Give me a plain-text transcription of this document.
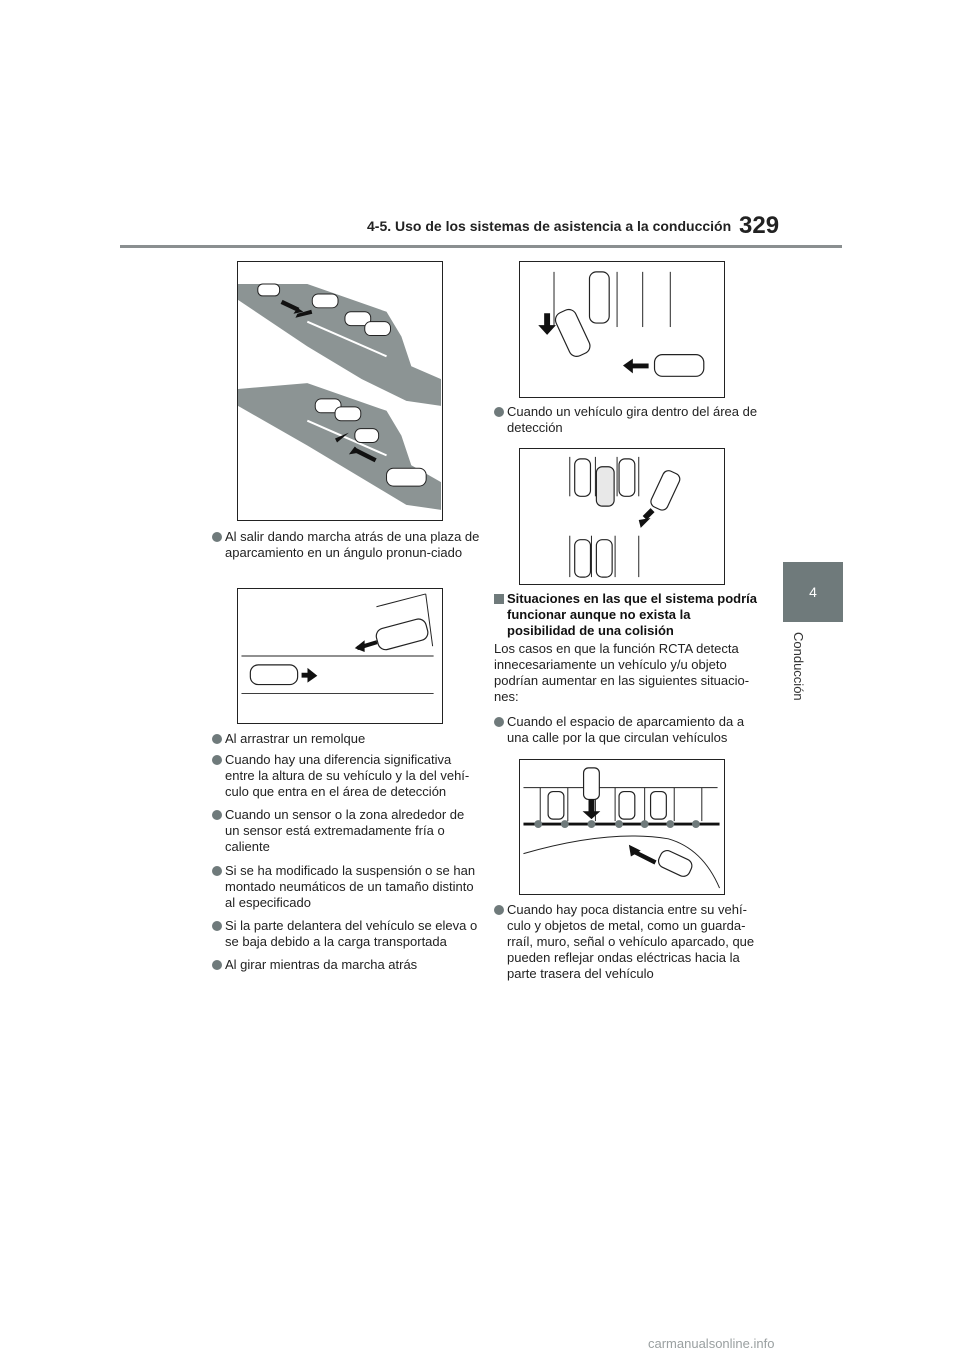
4-5. Uso de los sistemas de asistencia a la conducción 329
4
Conducción
Al salir dando marcha atrás de una plaza de aparcamiento en un ángulo pronun-ciado
Al arrastrar un remolque
Cuando hay una diferencia significativa entre la altura de su vehículo y la del vehí-culo que entra en el área de detección
Cuando un sensor o la zona alrededor de un sensor está extremadamente fría o caliente
Si se ha modificado la suspensión o se han montado neumáticos de un tamaño distinto al especificado
Si la parte delantera del vehículo se eleva o se baja debido a la carga transportada
Al girar mientras da marcha atrás
Cuando un vehículo gira dentro del área de detección
Situaciones en las que el sistema podría funcionar aunque no exista la posibilidad de una colisión
Los casos en que la función RCTA detecta innecesariamente un vehículo y/u objeto podrían aumentar en las siguientes situacio-nes:
Cuando el espacio de aparcamiento da a una calle por la que circulan vehículos
Cuando hay poca distancia entre su vehí-culo y objetos de metal, como un guarda-rraíl, muro, señal o vehículo aparcado, que pueden reflejar ondas eléctricas hacia la parte trasera del vehículo
carmanualsonline.info
